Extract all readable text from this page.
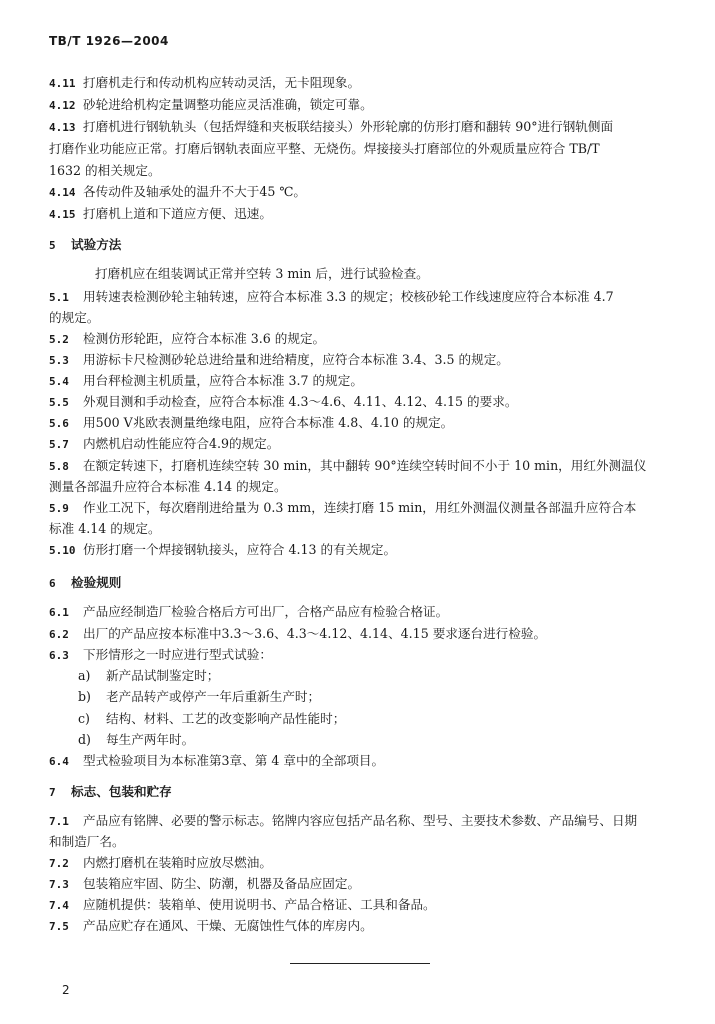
TB/T 1926—2004
4.11 打磨机走行和传动机构应转动灵活，无卡阻现象。
4.12 砂轮进给机构定量调整功能应灵活准确，锁定可靠。
4.13 打磨机进行钢轨轨头（包括焊缝和夹板联结接头）外形轮廓的仿形打磨和翻转 90°进行钢轨侧面
打磨作业功能应正常。打磨后钢轨表面应平整、无烧伤。焊接接头打磨部位的外观质量应符合 TB/T
1632 的相关规定。
4.14 各传动件及轴承处的温升不大于45 ℃。
4.15 打磨机上道和下道应方便、迅速。
5 试验方法
打磨机应在组装调试正常并空转 3 min 后，进行试验检查。
5.1 用转速表检测砂轮主轴转速，应符合本标准 3.3 的规定；校核砂轮工作线速度应符合本标准 4.7
的规定。
5.2 检测仿形轮距，应符合本标准 3.6 的规定。
5.3 用游标卡尺检测砂轮总进给量和进给精度，应符合本标准 3.4、3.5 的规定。
5.4 用台秤检测主机质量，应符合本标准 3.7 的规定。
5.5 外观目测和手动检查，应符合本标准 4.3～4.6、4.11、4.12、4.15 的要求。
5.6 用500 V兆欧表测量绝缘电阻，应符合本标准 4.8、4.10 的规定。
5.7 内燃机启动性能应符合4.9的规定。
5.8 在额定转速下，打磨机连续空转 30 min，其中翻转 90°连续空转时间不小于 10 min，用红外测温仪
测量各部温升应符合本标准 4.14 的规定。
5.9 作业工况下，每次磨削进给量为 0.3 mm，连续打磨 15 min，用红外测温仪测量各部温升应符合本
标准 4.14 的规定。
5.10 仿形打磨一个焊接钢轨接头，应符合 4.13 的有关规定。
6 检验规则
6.1 产品应经制造厂检验合格后方可出厂，合格产品应有检验合格证。
6.2 出厂的产品应按本标准中3.3～3.6、4.3～4.12、4.14、4.15 要求逐台进行检验。
6.3 下形情形之一时应进行型式试验：
a) 新产品试制鉴定时；
b) 老产品转产或停产一年后重新生产时；
c) 结构、材料、工艺的改变影响产品性能时；
d) 每生产两年时。
6.4 型式检验项目为本标准第3章、第 4 章中的全部项目。
7 标志、包装和贮存
7.1 产品应有铭牌、必要的警示标志。铭牌内容应包括产品名称、型号、主要技术参数、产品编号、日期
和制造厂名。
7.2 内燃打磨机在装箱时应放尽燃油。
7.3 包装箱应牢固、防尘、防潮，机器及备品应固定。
7.4 应随机提供：装箱单、使用说明书、产品合格证、工具和备品。
7.5 产品应贮存在通风、干燥、无腐蚀性气体的库房内。
2
